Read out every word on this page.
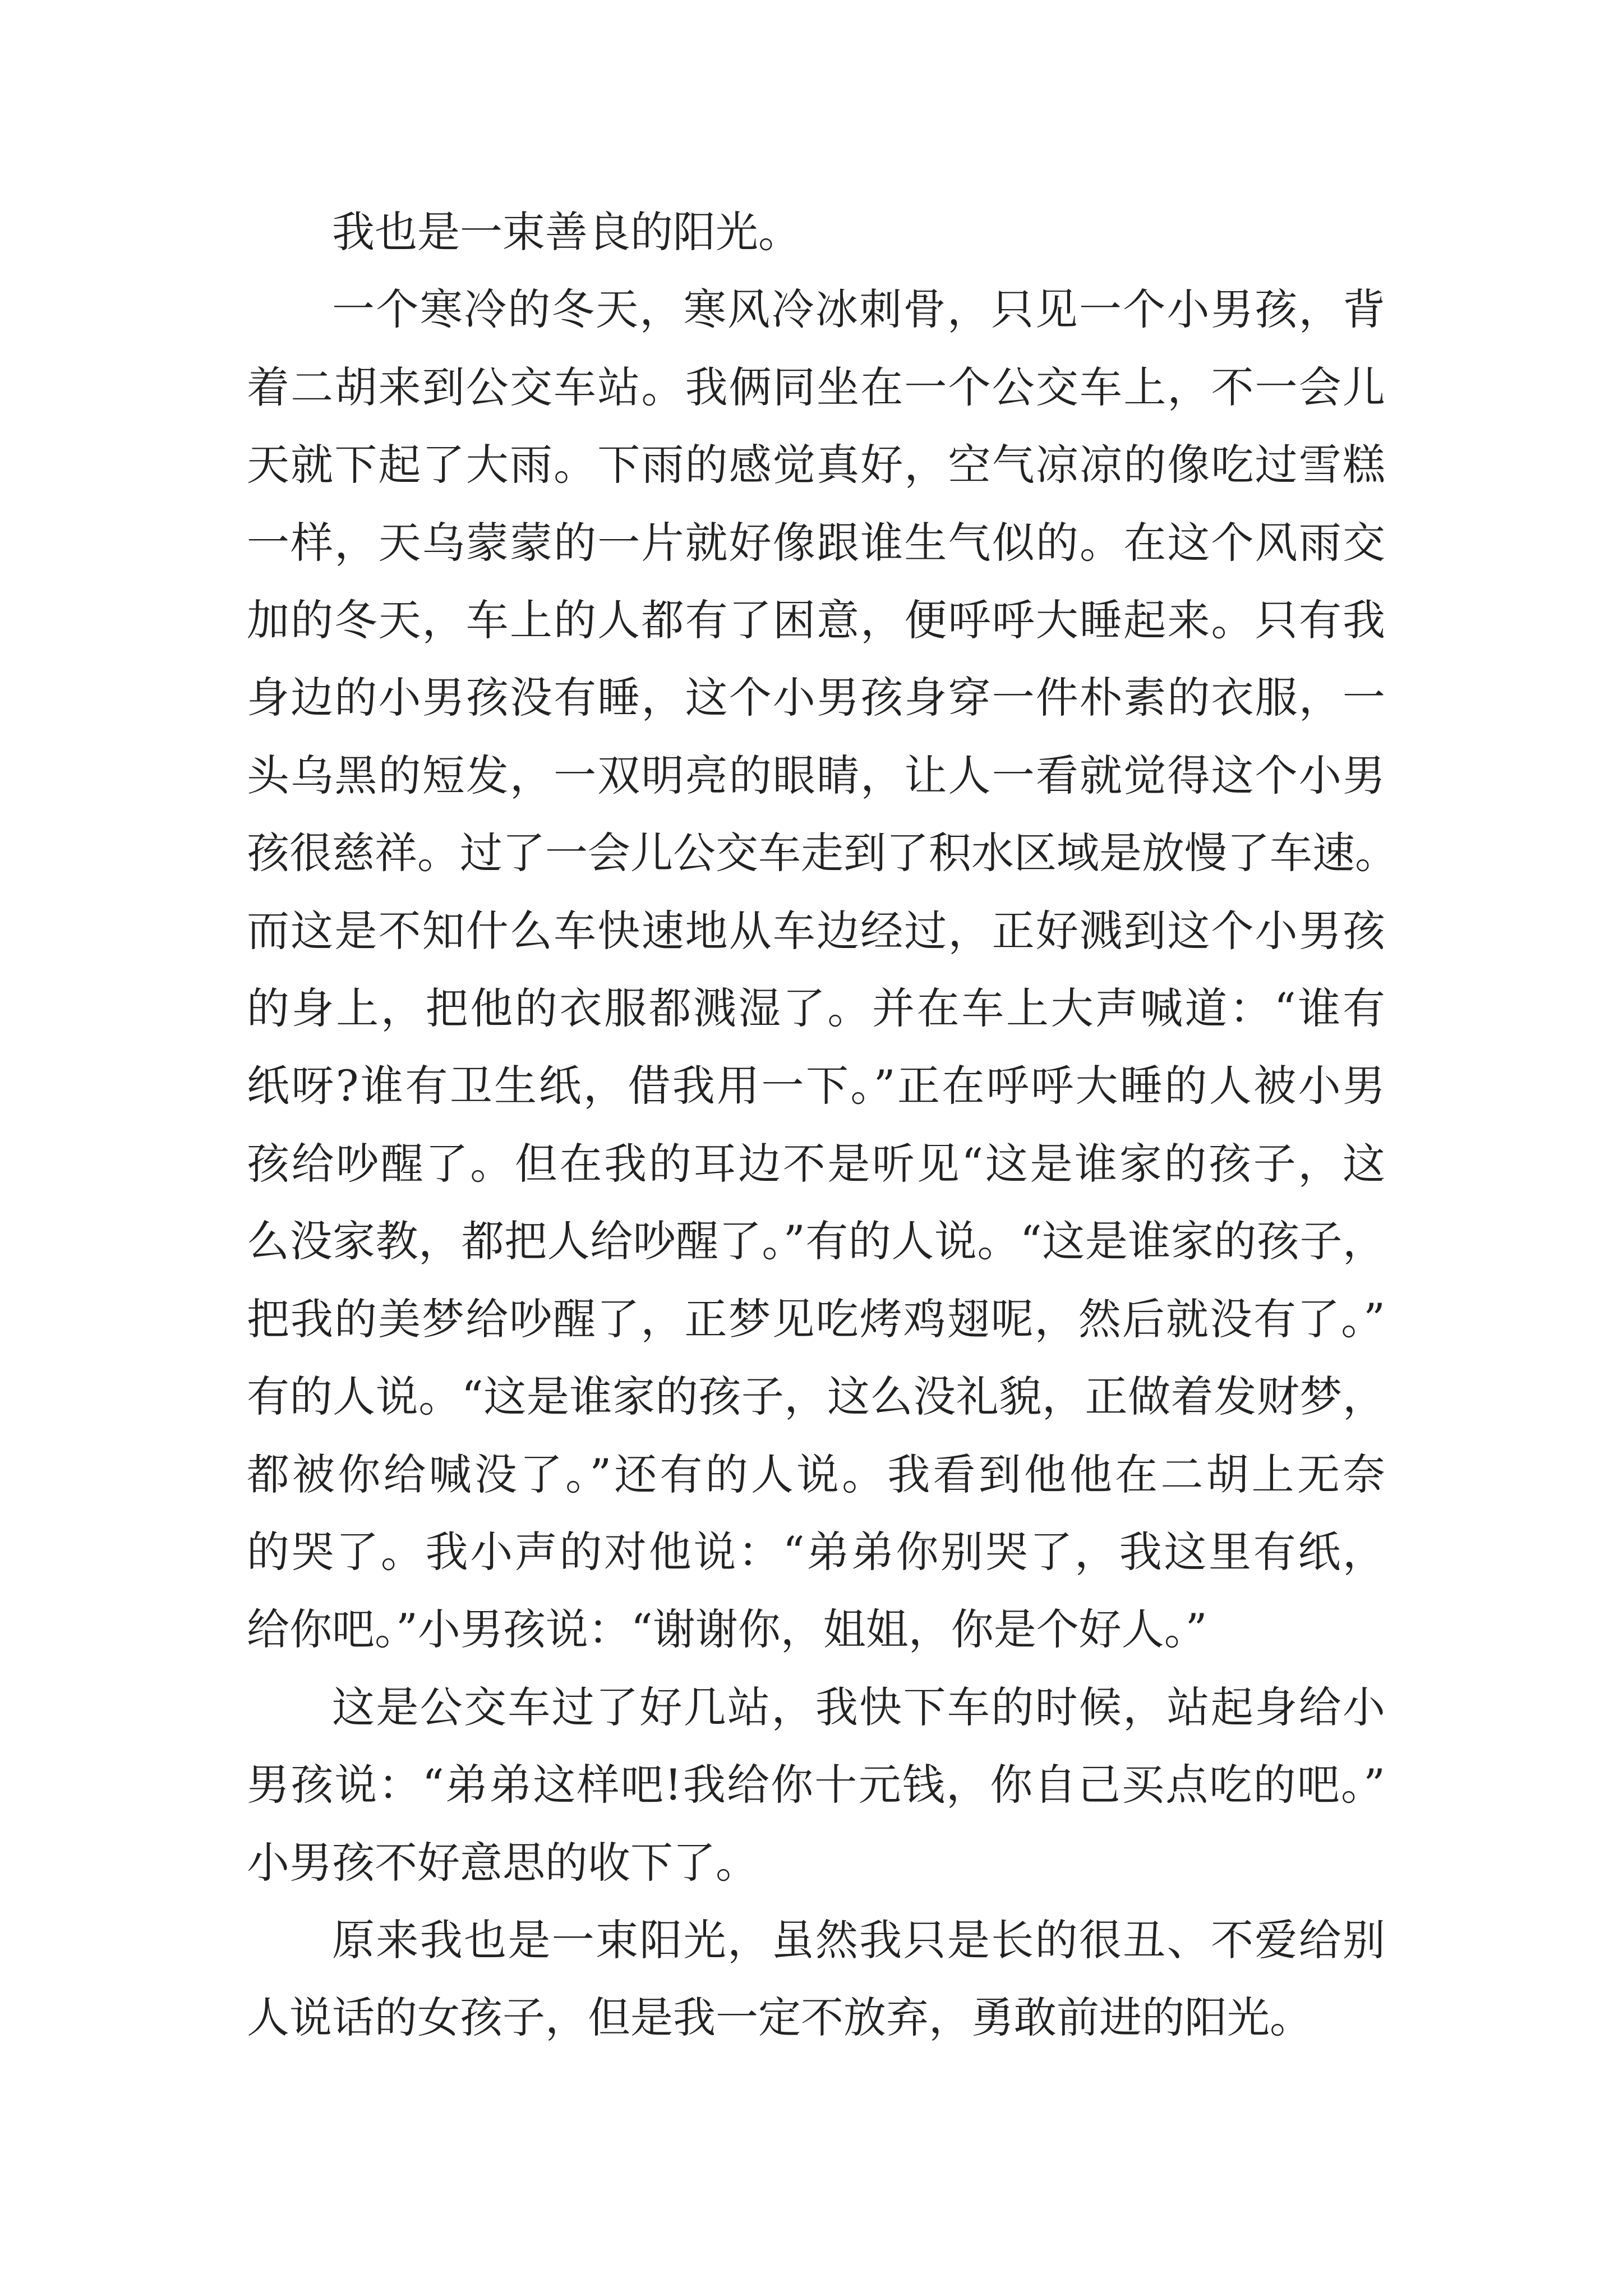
我也是一束善良的阳光。

一个寒冷的冬天，寒风冷冰刺骨，只见一个小男孩，背
着二胡来到公交车站。我俩同坐在一个公交车上，不一会儿
天就下起了大雨。下雨的感觉真好，空气凉凉的像吃过雪糕
一样，天乌蒙蒙的一片就好像跟谁生气似的。在这个风雨交
加的冬天，车上的人都有了困意，便呼呼大睡起来。只有我
身边的小男孩没有睡，这个小男孩身穿一件朴素的衣服，一
头乌黑的短发，一双明亮的眼睛，让人一看就觉得这个小男
孩很慈祥。过了一会儿公交车走到了积水区域是放慢了车速。
而这是不知什么车快速地从车边经过，正好溅到这个小男孩
的身上，把他的衣服都溅湿了。并在车上大声喊道：“谁有
纸呀?谁有卫生纸，借我用一下。”正在呼呼大睡的人被小男
孩给吵醒了。但在我的耳边不是听见“这是谁家的孩子，这
么没家教，都把人给吵醒了。”有的人说。“这是谁家的孩子，
把我的美梦给吵醒了，正梦见吃烤鸡翅呢，然后就没有了。”
有的人说。“这是谁家的孩子，这么没礼貌，正做着发财梦，
都被你给喊没了。”还有的人说。我看到他他在二胡上无奈
的哭了。我小声的对他说：“弟弟你别哭了，我这里有纸，
给你吧。”小男孩说：“谢谢你，姐姐，你是个好人。”

这是公交车过了好几站，我快下车的时候，站起身给小
男孩说：“弟弟这样吧!我给你十元钱，你自己买点吃的吧。”
小男孩不好意思的收下了。

原来我也是一束阳光，虽然我只是长的很丑、不爱给别
人说话的女孩子，但是我一定不放弃，勇敢前进的阳光。
